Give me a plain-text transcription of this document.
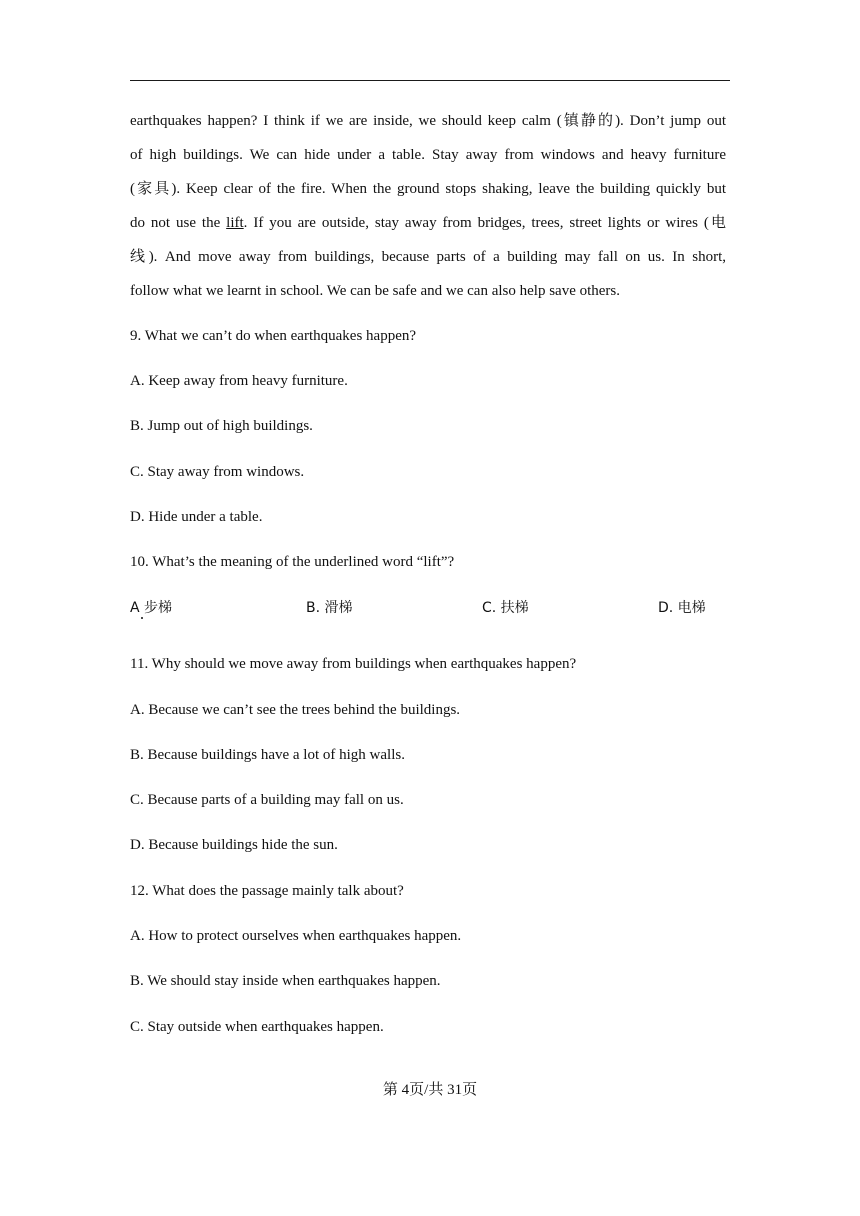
earthquakes happen? I think if we are inside, we should keep calm (镇静的). Don’t jump out
of high buildings. We can hide under a table. Stay away from windows and heavy furniture
(家具). Keep clear of the fire. When the ground stops shaking, leave the building quickly but
do not use the lift. If you are outside, stay away from bridges, trees, street lights or wires (电
线). And move away from buildings, because parts of a building may fall on us. In short,
follow what we learnt in school. We can be safe and we can also help save others.
9. What we can’t do when earthquakes happen?
A. Keep away from heavy furniture.
B. Jump out of high buildings.
C. Stay away from windows.
D. Hide under a table.
10. What’s the meaning of the underlined word “lift”?
A 步梯	B. 滑梯	C. 扶梯	D. 电梯
11. Why should we move away from buildings when earthquakes happen?
A. Because we can’t see the trees behind the buildings.
B. Because buildings have a lot of high walls.
C. Because parts of a building may fall on us.
D. Because buildings hide the sun.
12. What does the passage mainly talk about?
A. How to protect ourselves when earthquakes happen.
B. We should stay inside when earthquakes happen.
C. Stay outside when earthquakes happen.
第 4页/共 31页
